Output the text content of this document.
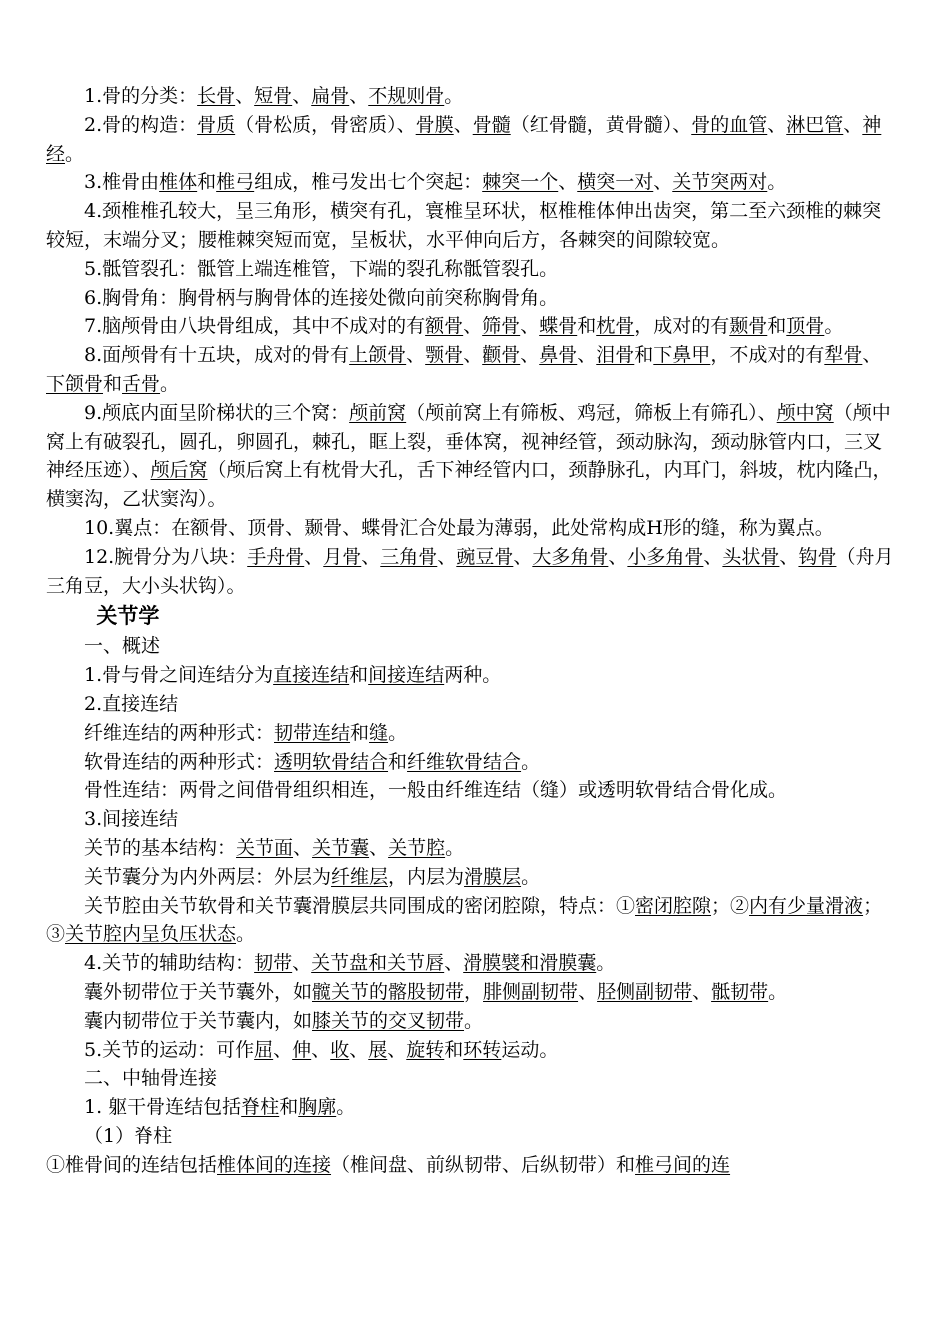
1.骨的分类：长骨、短骨、扁骨、不规则骨。

2.骨的构造：骨质（骨松质，骨密质）、骨膜、骨髓（红骨髓，黄骨髓）、骨的血管、淋巴管、神经。

3.椎骨由椎体和椎弓组成，椎弓发出七个突起：棘突一个、横突一对、关节突两对。

4.颈椎椎孔较大，呈三角形，横突有孔，寰椎呈环状，枢椎椎体伸出齿突，第二至六颈椎的棘突较短，末端分叉；腰椎棘突短而宽，呈板状，水平伸向后方，各棘突的间隙较宽。

5.骶管裂孔：骶管上端连椎管，下端的裂孔称骶管裂孔。

6.胸骨角：胸骨柄与胸骨体的连接处微向前突称胸骨角。

7.脑颅骨由八块骨组成，其中不成对的有额骨、筛骨、蝶骨和枕骨，成对的有颞骨和顶骨。

8.面颅骨有十五块，成对的骨有上颌骨、颚骨、颧骨、鼻骨、泪骨和下鼻甲，不成对的有犁骨、下颌骨和舌骨。

9.颅底内面呈阶梯状的三个窝：颅前窝（颅前窝上有筛板、鸡冠，筛板上有筛孔）、颅中窝（颅中窝上有破裂孔，圆孔，卵圆孔，棘孔，眶上裂，垂体窝，视神经管，颈动脉沟，颈动脉管内口，三叉神经压迹）、颅后窝（颅后窝上有枕骨大孔，舌下神经管内口，颈静脉孔，内耳门，斜坡，枕内隆凸，横窦沟，乙状窦沟）。

10.翼点：在额骨、顶骨、颞骨、蝶骨汇合处最为薄弱，此处常构成H形的缝，称为翼点。

12.腕骨分为八块：手舟骨、月骨、三角骨、豌豆骨、大多角骨、小多角骨、头状骨、钩骨（舟月三角豆，大小头状钩）。

关节学

一、概述

1.骨与骨之间连结分为直接连结和间接连结两种。

2.直接连结

纤维连结的两种形式：韧带连结和缝。

软骨连结的两种形式：透明软骨结合和纤维软骨结合。

骨性连结：两骨之间借骨组织相连，一般由纤维连结（缝）或透明软骨结合骨化成。

3.间接连结

关节的基本结构：关节面、关节囊、关节腔。

关节囊分为内外两层：外层为纤维层，内层为滑膜层。

关节腔由关节软骨和关节囊滑膜层共同围成的密闭腔隙，特点：①密闭腔隙；②内有少量滑液；③关节腔内呈负压状态。

4.关节的辅助结构：韧带、关节盘和关节唇、滑膜襞和滑膜囊。

囊外韧带位于关节囊外，如髋关节的髂股韧带，腓侧副韧带、胫侧副韧带、骶韧带。

囊内韧带位于关节囊内，如膝关节的交叉韧带。

5.关节的运动：可作屈、伸、收、展、旋转和环转运动。

二、中轴骨连接

1. 躯干骨连结包括脊柱和胸廓。

（1）脊柱

①椎骨间的连结包括椎体间的连接（椎间盘、前纵韧带、后纵韧带）和椎弓间的连
